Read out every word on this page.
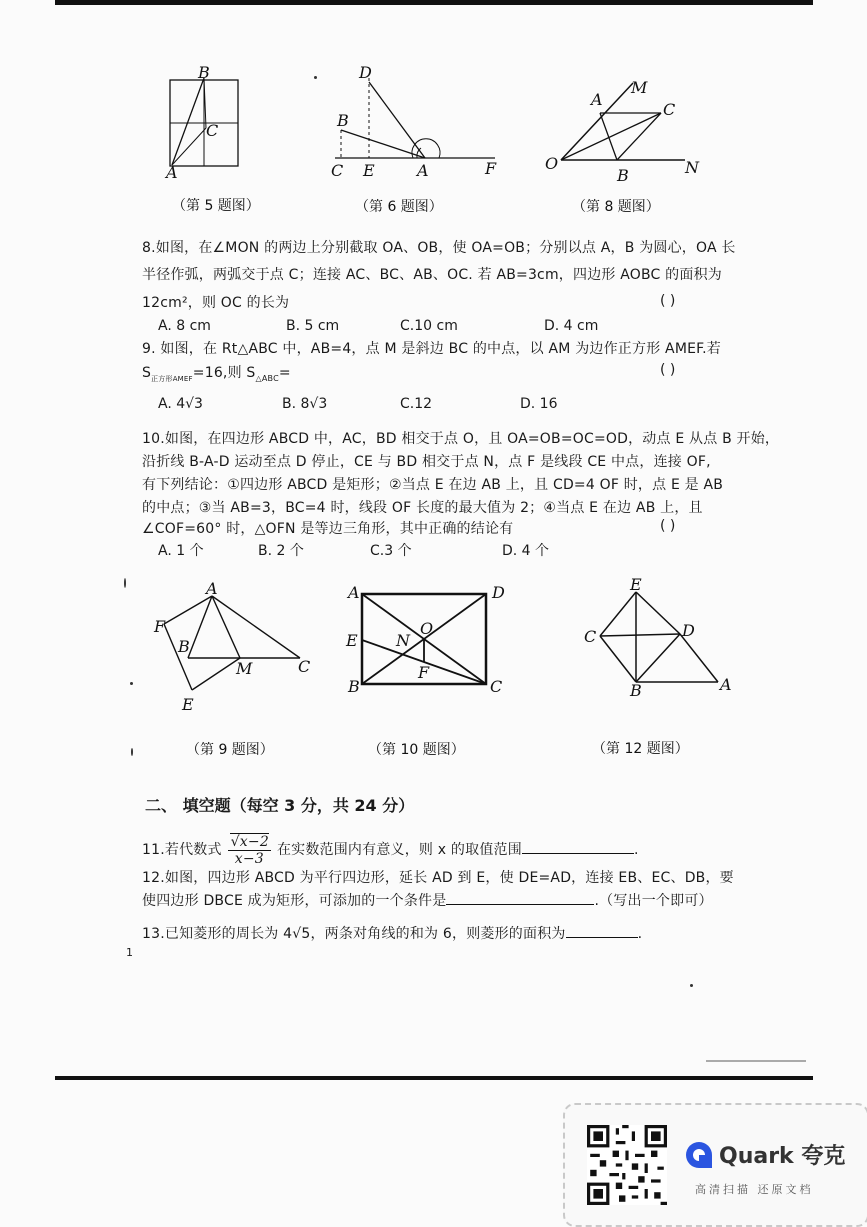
B
C
A
（第 5 题图）
D
B
C E	A	F
（第 6 题图）
A
M
C
O
B	N
（第 8 题图）
8.如图，在∠MON 的两边上分别截取 OA、OB，使 OA=OB；分别以点 A，B 为圆心，OA 长
半径作弧，两弧交于点 C；连接 AC、BC、AB、OC. 若 AB=3cm，四边形 AOBC 的面积为
12cm²，则 OC 的长为	( )
A. 8 cm	B. 5 cm	C.10 cm	D. 4 cm
9. 如图，在 Rt△ABC 中，AB=4，点 M 是斜边 BC 的中点，以 AM 为边作正方形 AMEF.若
$S_{正方形AMEF}=16$,则 $S_{\triangle ABC}=$	( )
A. 4√3	B. 8√3	C.12	D. 16
10.如图，在四边形 ABCD 中，AC，BD 相交于点 O，且 OA=OB=OC=OD，动点 E 从点 B 开始，
沿折线 B-A-D 运动至点 D 停止，CE 与 BD 相交于点 N，点 F 是线段 CE 中点，连接 OF,
有下列结论：①四边形 ABCD 是矩形；②当点 E 在边 AB 上，且 CD=4 OF 时，点 E 是 AB
的中点；③当 AB=3，BC=4 时，线段 OF 长度的最大值为 2；④当点 E 在边 AB 上，且
∠COF=60° 时，△OFN 是等边三角形，其中正确的结论有	( )
A. 1 个	B. 2 个	C.3 个	D. 4 个
A
F
B
M	C
E
（第 9 题图）
A	D
O
E N
F
B	C
（第 10 题图）
E
C	D
B	A
（第 12 题图）
二、 填空题（每空 3 分，共 24 分）
11.若代数式 $\frac{√x-2}{x-3}$ 在实数范围内有意义，则 x 的取值范围	.
12.如图，四边形 ABCD 为平行四边形，延长 AD 到 E，使 DE=AD，连接 EB、EC、DB，要
使四边形 DBCE 成为矩形，可添加的一个条件是	.（写出一个即可）
13.已知菱形的周长为 4√5，两条对角线的和为 6，则菱形的面积为	.
1
Quark 夸克
高清扫描 还原文档
